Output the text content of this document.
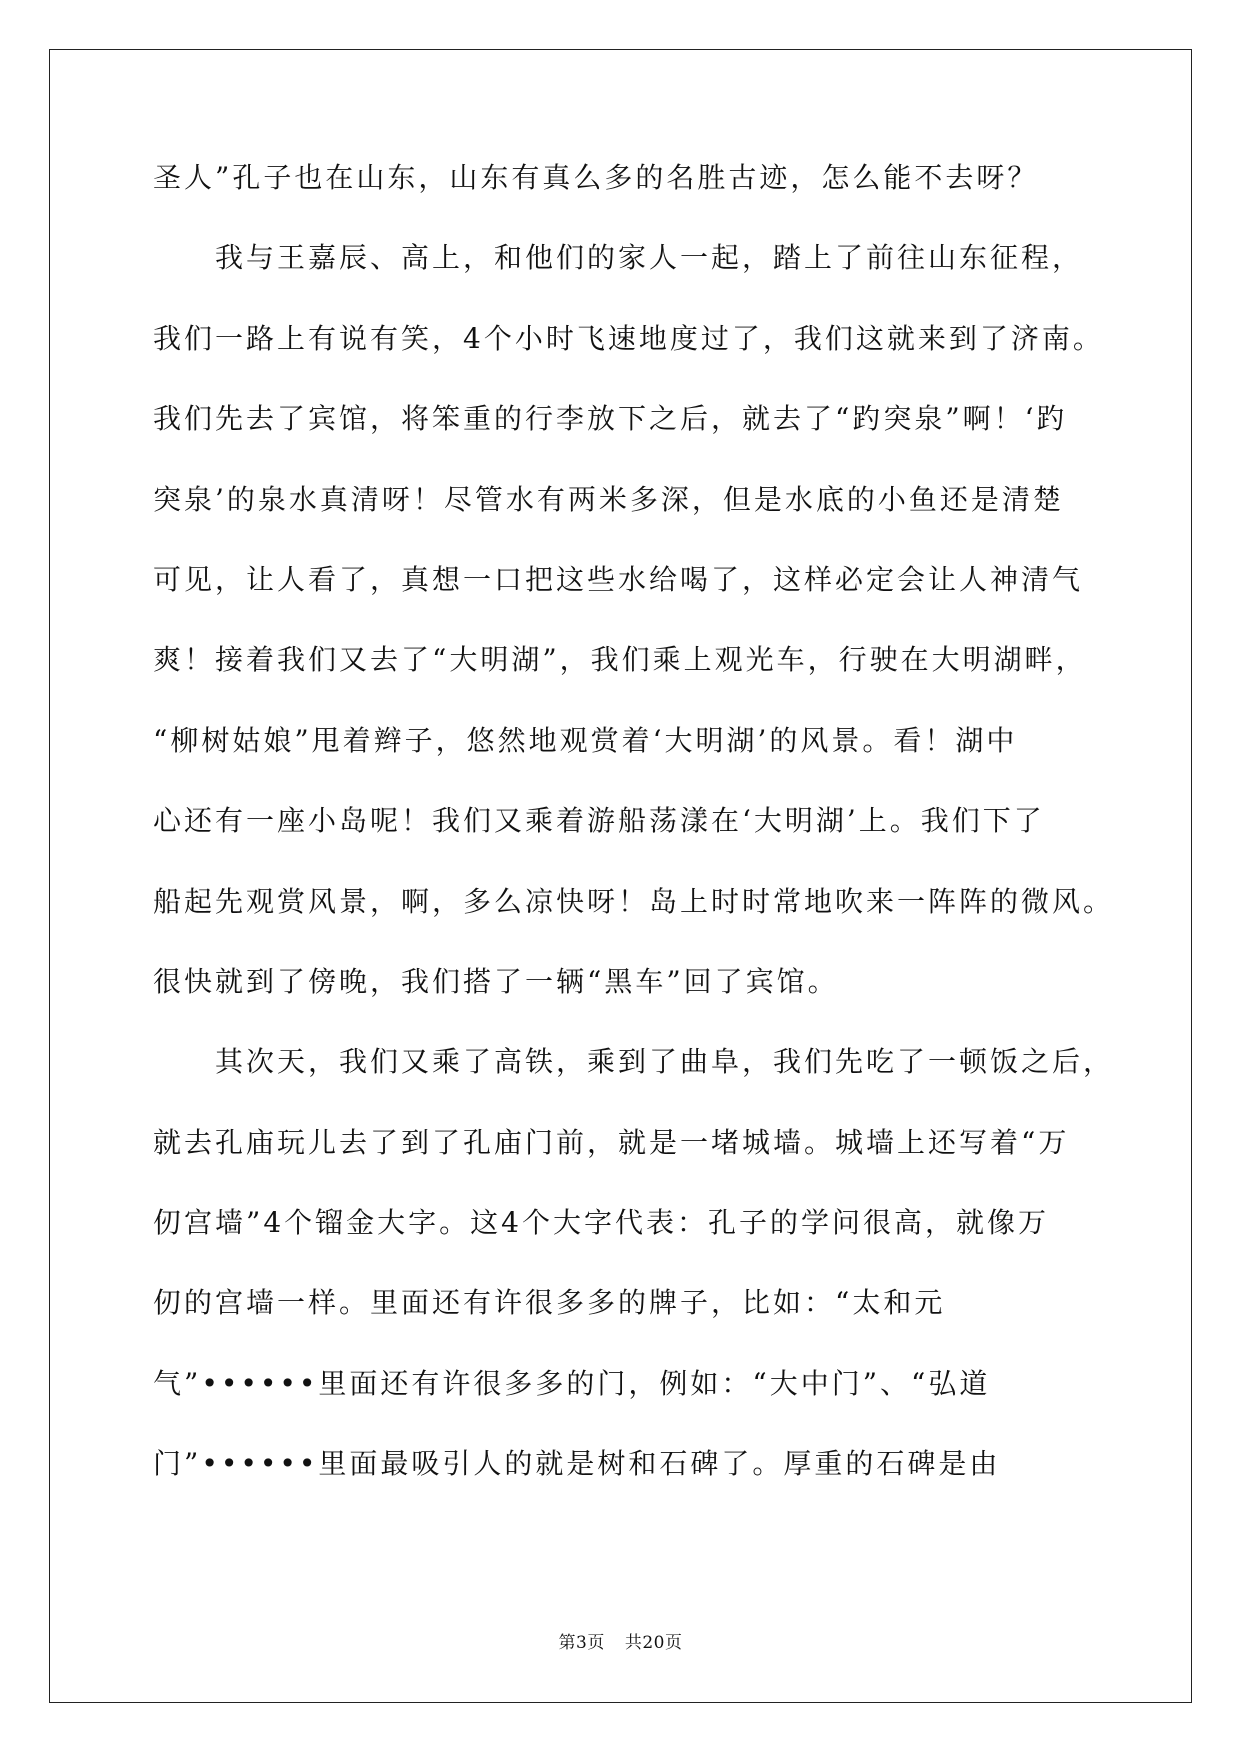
圣人”孔子也在山东，山东有真么多的名胜古迹，怎么能不去呀？
我与王嘉辰、高上，和他们的家人一起，踏上了前往山东征程，
我们一路上有说有笑，4个小时飞速地度过了，我们这就来到了济南。
我们先去了宾馆，将笨重的行李放下之后，就去了“趵突泉”啊！‘趵
突泉’的泉水真清呀！尽管水有两米多深，但是水底的小鱼还是清楚
可见，让人看了，真想一口把这些水给喝了，这样必定会让人神清气
爽！接着我们又去了“大明湖”，我们乘上观光车，行驶在大明湖畔，
“柳树姑娘”甩着辫子，悠然地观赏着‘大明湖’的风景。看！湖中
心还有一座小岛呢！我们又乘着游船荡漾在‘大明湖’上。我们下了
船起先观赏风景，啊，多么凉快呀！岛上时时常地吹来一阵阵的微风。
很快就到了傍晚，我们搭了一辆“黑车”回了宾馆。
其次天，我们又乘了高铁，乘到了曲阜，我们先吃了一顿饭之后，
就去孔庙玩儿去了到了孔庙门前，就是一堵城墙。城墙上还写着“万
仞宫墙”4个镏金大字。这4个大字代表：孔子的学问很高，就像万
仞的宫墙一样。里面还有许很多多的牌子，比如：“太和元
气”••••••里面还有许很多多的门，例如：“大中门”、“弘道
门”••••••里面最吸引人的就是树和石碑了。厚重的石碑是由
第3页 共20页
